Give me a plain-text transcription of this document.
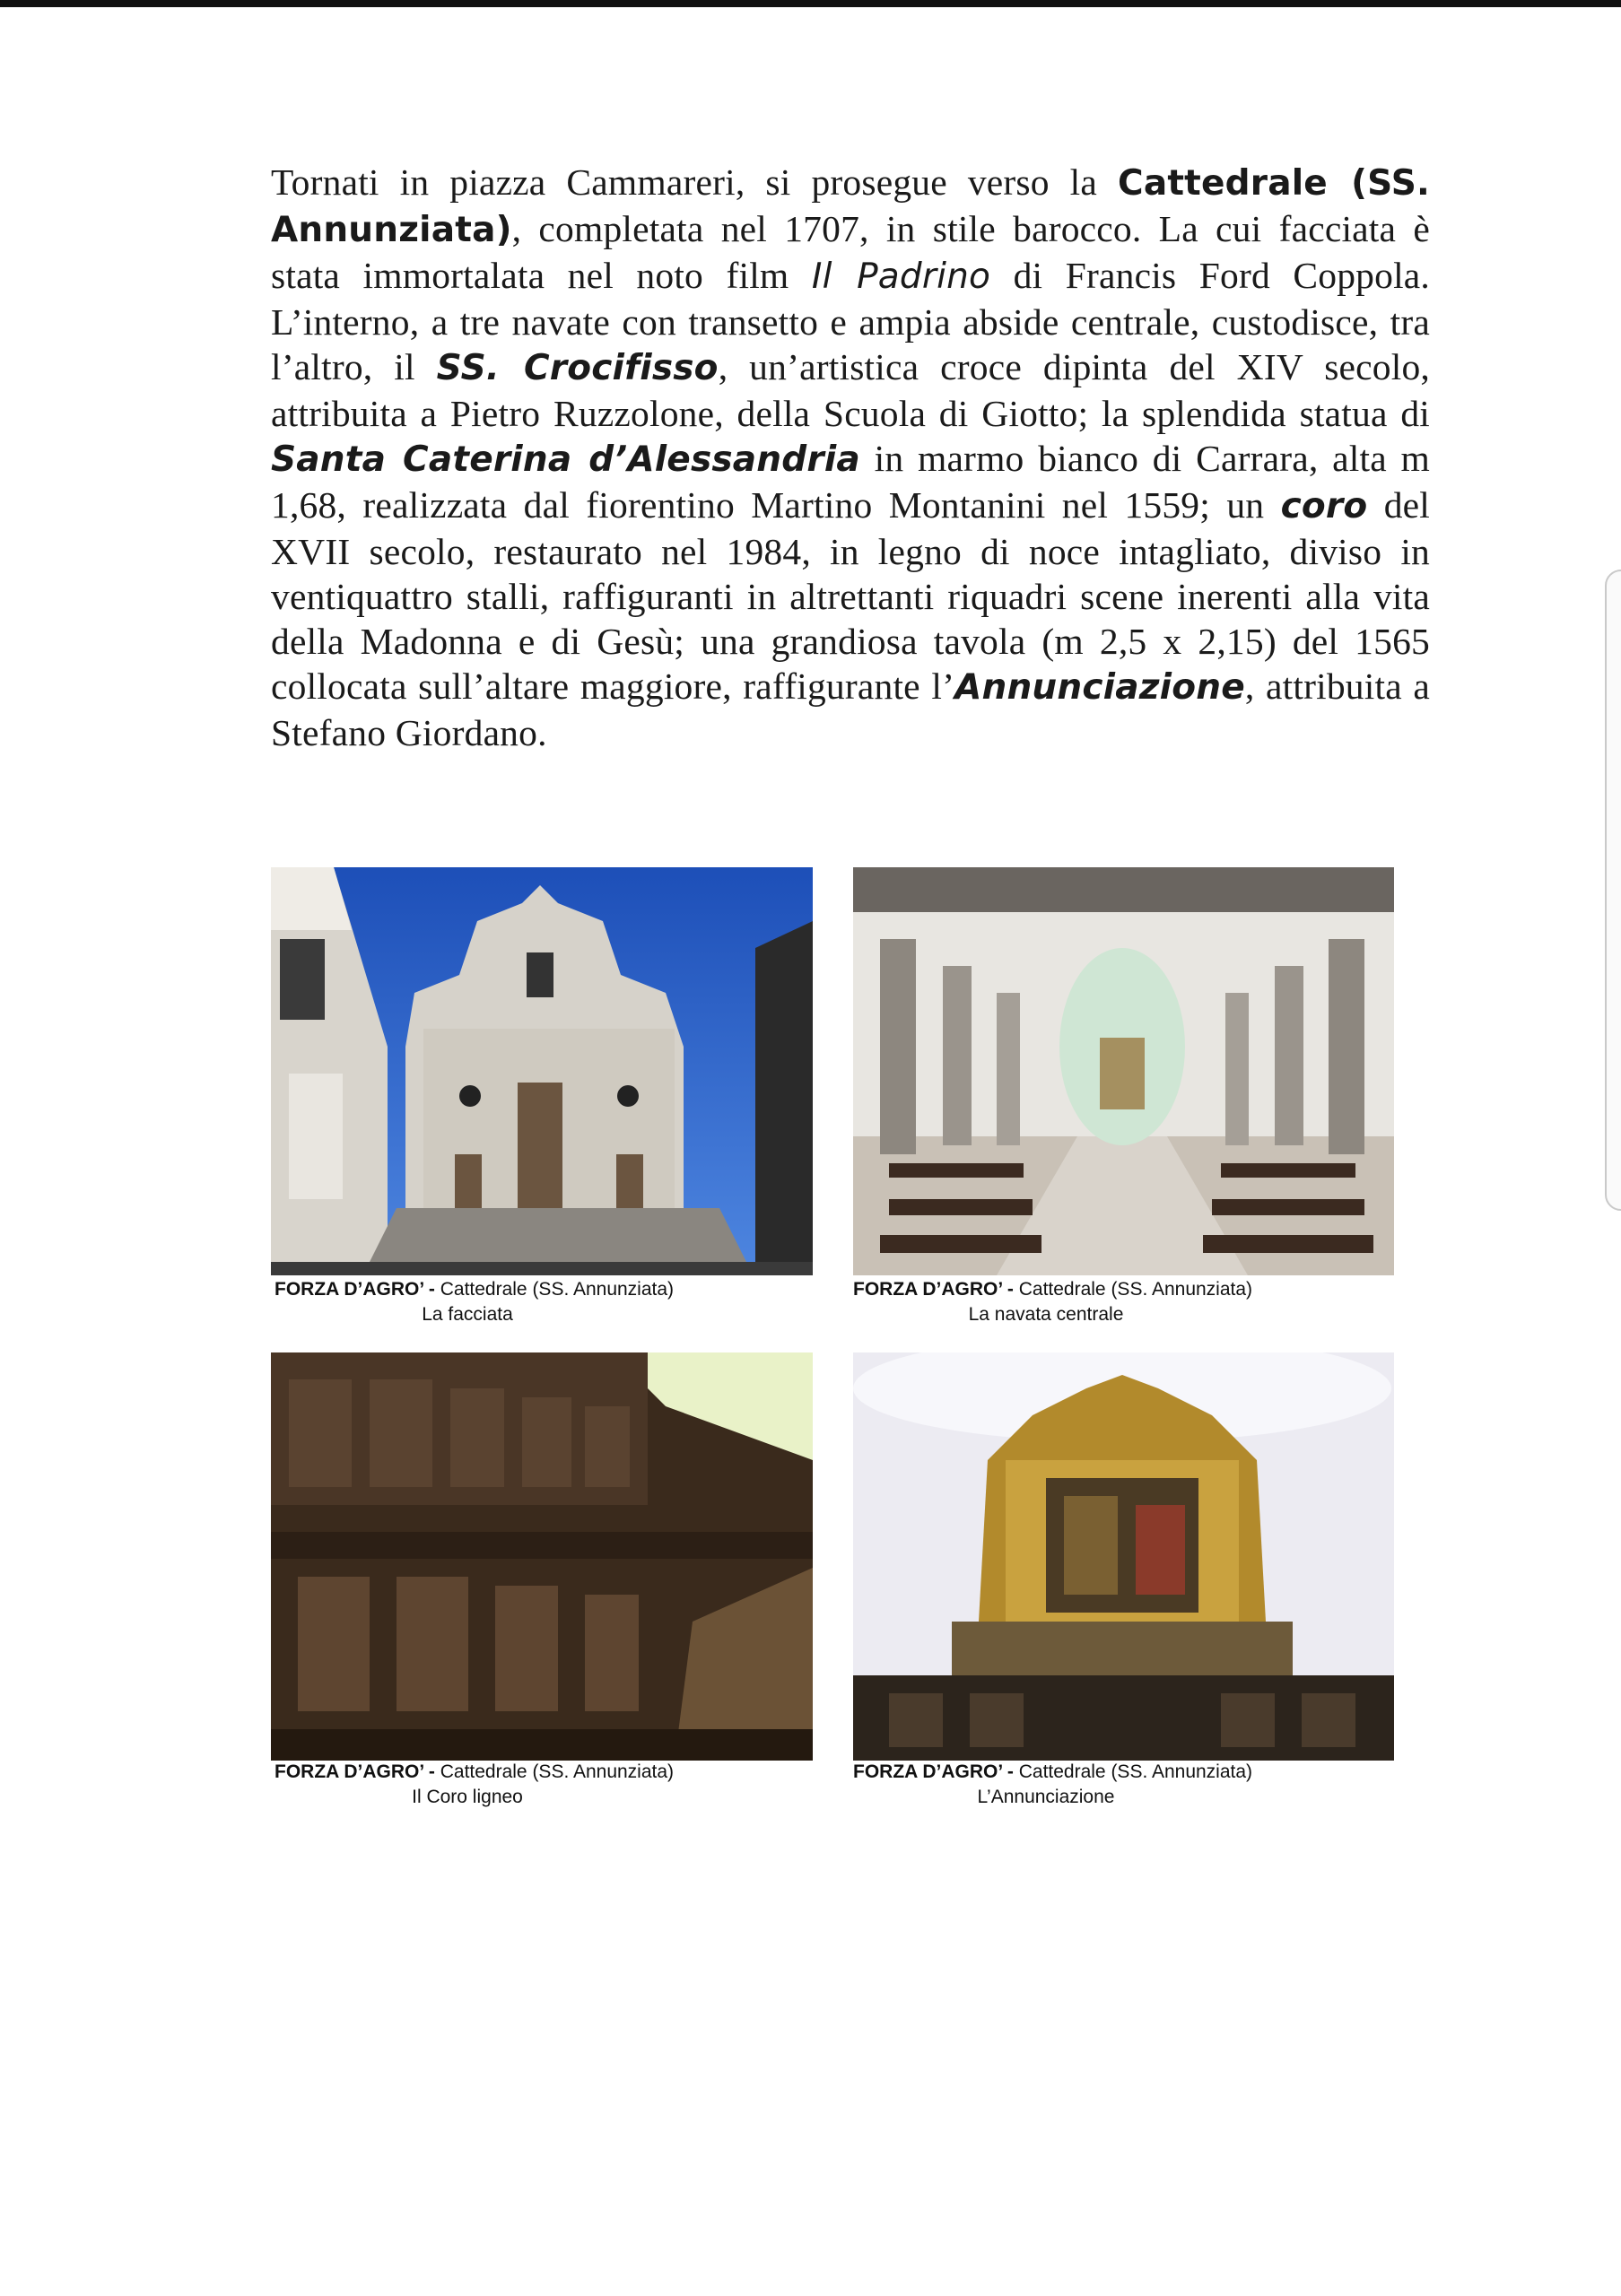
Tornati in piazza Cammareri, si prosegue verso la Cattedrale (SS. Annunziata), completata nel 1707, in stile barocco. La cui facciata è stata immortalata nel noto film Il Padrino di Francis Ford Coppola. L’interno, a tre navate con transetto e ampia abside centrale, custodisce, tra l’altro, il SS. Crocifisso, un’artistica croce dipinta del XIV secolo, attribuita a Pietro Ruzzolone, della Scuola di Giotto; la splendida statua di Santa Caterina d’Alessandria in marmo bianco di Carrara, alta m 1,68, realizzata dal fiorentino Martino Montanini nel 1559; un coro del XVII secolo, restaurato nel 1984, in legno di noce intagliato, diviso in ventiquattro stalli, raffiguranti in altrettanti riquadri scene inerenti alla vita della Madonna e di Gesù; una grandiosa tavola (m 2,5 x 2,15) del 1565 collocata sull’altare maggiore, raffigurante l’Annunciazione, attribuita a Stefano Giordano.

FORZA D’AGRO’ - Cattedrale (SS. Annunziata)
La facciata
FORZA D’AGRO’ - Cattedrale (SS. Annunziata)
La navata centrale
FORZA D’AGRO’ - Cattedrale (SS. Annunziata)
Il Coro ligneo
FORZA D’AGRO’ - Cattedrale (SS. Annunziata)
L’Annunciazione
